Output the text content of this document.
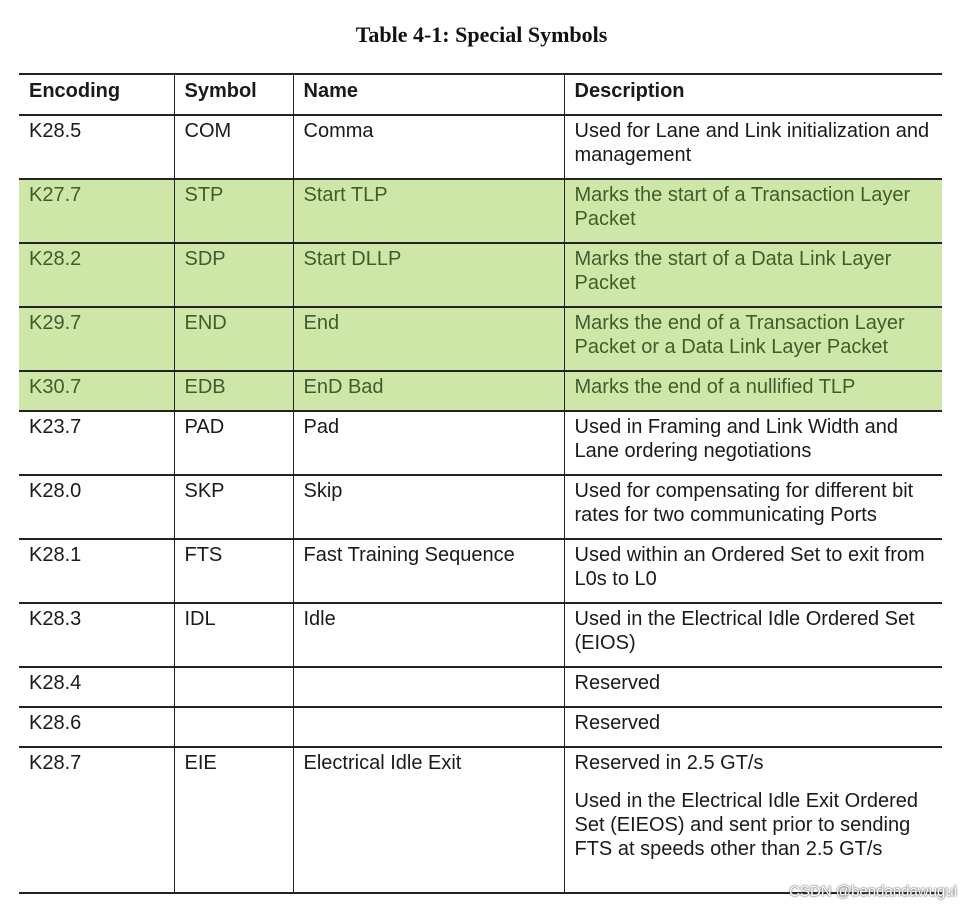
Table 4-1: Special Symbols
Encoding	Symbol	Name	Description
K28.5	COM	Comma	Used for Lane and Link initialization and management
K27.7	STP	Start TLP	Marks the start of a Transaction Layer Packet
K28.2	SDP	Start DLLP	Marks the start of a Data Link Layer Packet
K29.7	END	End	Marks the end of a Transaction Layer Packet or a Data Link Layer Packet
K30.7	EDB	EnD Bad	Marks the end of a nullified TLP
K23.7	PAD	Pad	Used in Framing and Link Width and Lane ordering negotiations
K28.0	SKP	Skip	Used for compensating for different bit rates for two communicating Ports
K28.1	FTS	Fast Training Sequence	Used within an Ordered Set to exit from L0s to L0
K28.3	IDL	Idle	Used in the Electrical Idle Ordered Set (EIOS)
K28.4			Reserved
K28.6			Reserved
K28.7	EIE	Electrical Idle Exit	Reserved in 2.5 GT/s
Used in the Electrical Idle Exit Ordered Set (EIEOS) and sent prior to sending FTS at speeds other than 2.5 GT/s
CSDN @bendandawugui
